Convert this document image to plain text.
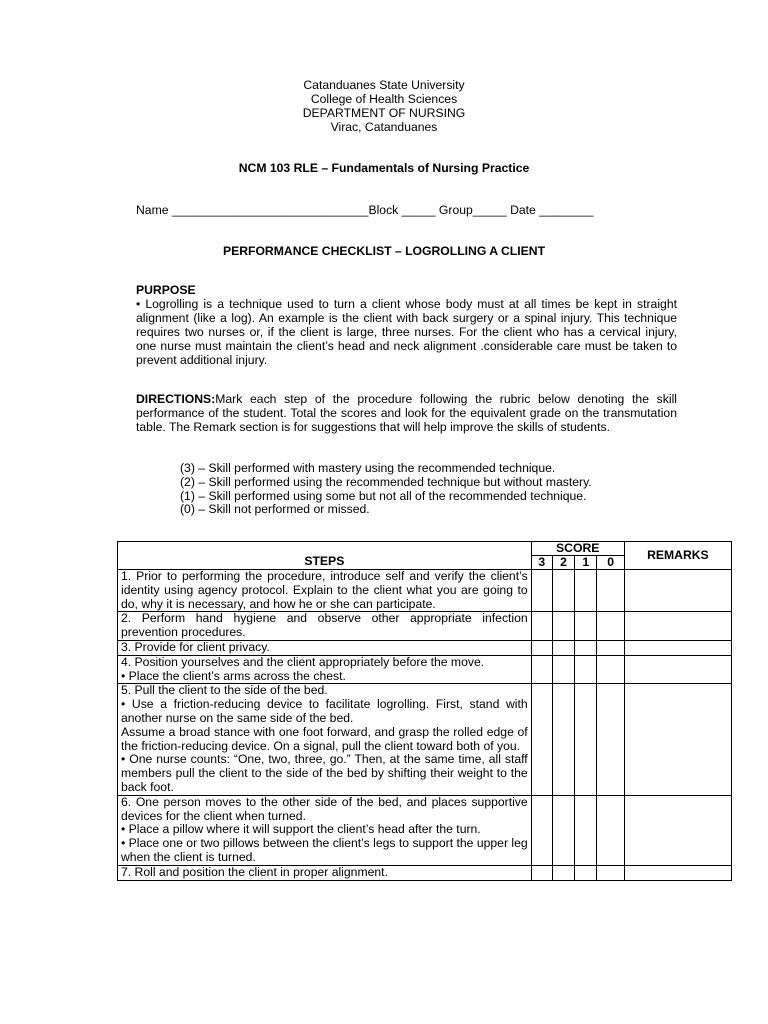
Catanduanes State University
College of Health Sciences
DEPARTMENT OF NURSING
Virac, Catanduanes
NCM 103 RLE – Fundamentals of Nursing Practice
Name _____________________________Block _____ Group_____ Date ________
PERFORMANCE CHECKLIST – LOGROLLING A CLIENT
PURPOSE
• Logrolling is a technique used to turn a client whose body must at all times be kept in straight alignment (like a log). An example is the client with back surgery or a spinal injury. This technique requires two nurses or, if the client is large, three nurses. For the client who has a cervical injury, one nurse must maintain the client’s head and neck alignment .considerable care must be taken to prevent additional injury.
DIRECTIONS:Mark each step of the procedure following the rubric below denoting the skill performance of the student. Total the scores and look for the equivalent grade on the transmutation table. The Remark section is for suggestions that will help improve the skills of students.
(3) – Skill performed with mastery using the recommended technique.
(2) – Skill performed using the recommended technique but without mastery.
(1) – Skill performed using some but not all of the recommended technique.
(0) – Skill not performed or missed.
STEPS	SCORE				REMARKS
	3	2	1	0	

1. Prior to performing the procedure, introduce self and verify the client’s identity using agency protocol. Explain to the client what you are going to do, why it is necessary, and how he or she can participate.					

2. Perform hand hygiene and observe other appropriate infection prevention procedures.					

3. Provide for client privacy.					

4. Position yourselves and the client appropriately before the move.
• Place the client’s arms across the chest.					

5. Pull the client to the side of the bed.
• Use a friction-reducing device to facilitate logrolling. First, stand with another nurse on the same side of the bed.
Assume a broad stance with one foot forward, and grasp the rolled edge of the friction-reducing device. On a signal, pull the client toward both of you.
• One nurse counts: “One, two, three, go.” Then, at the same time, all staff members pull the client to the side of the bed by shifting their weight to the back foot.					

6. One person moves to the other side of the bed, and places supportive devices for the client when turned.
• Place a pillow where it will support the client’s head after the turn.
• Place one or two pillows between the client’s legs to support the upper leg when the client is turned.					

7. Roll and position the client in proper alignment.					
